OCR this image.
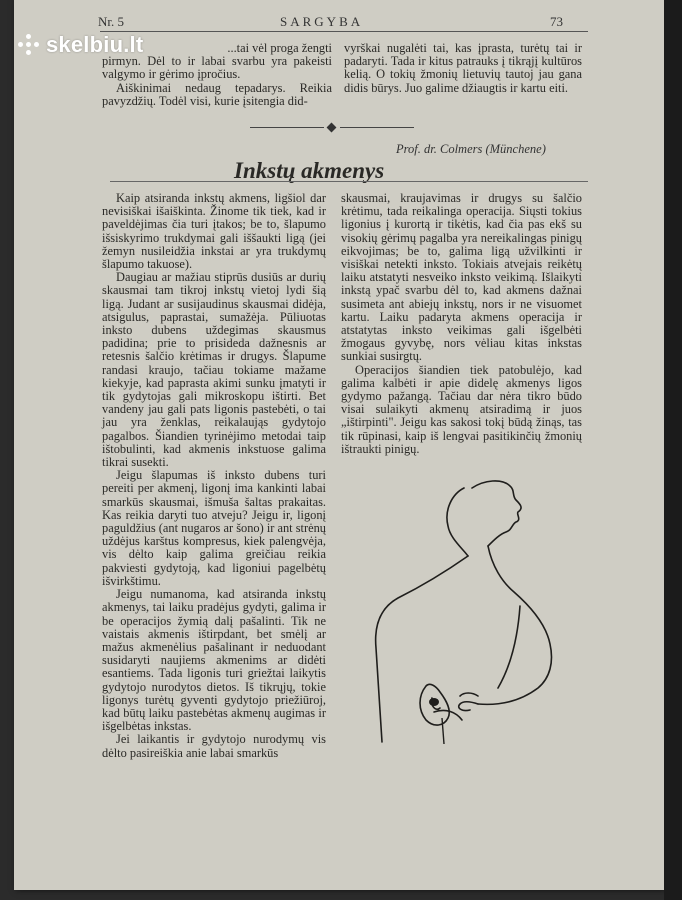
Nr. 5	SARGYBA	73

...tai vėl proga žengti

pirmyn. Dėl to ir labai svarbu yra pakeisti valgymo ir gėrimo įpročius.

Aiškinimai nedaug tepadarys. Reikia pavyzdžių. Todėl visi, kurie įsitengia did-

vyrškai nugalėti tai, kas įprasta, turėtų tai ir padaryti. Tada ir kitus patrauks į tikrąjį kultūros kelią. O tokių žmonių lietuvių tautoj jau gana didis būrys. Juo galime džiaugtis ir kartu eiti.

Prof. dr. Colmers (Münchene)
Inkstų akmenys

Kaip atsiranda inkstų akmens, ligšiol dar nevisiškai išaiškinta. Žinome tik tiek, kad ir paveldėjimas čia turi įtakos; be to, šlapumo išsiskyrimo trukdymai gali iššaukti ligą (jei žemyn nusileidžia inkstai ar yra trukdymų šlapumo takuose).

Daugiau ar mažiau stiprūs dusiūs ar durių skausmai tam tikroj inkstų vietoj lydi šią ligą. Judant ar susijaudinus skausmai didėja, atsigulus, paprastai, sumažėja. Pūliuotas inksto dubens uždegimas skausmus padidina; prie to prisideda dažnesnis ar retesnis šalčio krėtimas ir drugys. Šlapume randasi kraujo, tačiau tokiame mažame kiekyje, kad paprasta akimi sunku įmatyti ir tik gydytojas gali mikroskopu ištirti. Bet vandeny jau gali pats ligonis pastebėti, o tai jau yra ženklas, reikalaująs gydytojo pagalbos. Šiandien tyrinėjimo metodai taip ištobulinti, kad akmenis inkstuose galima tikrai susekti.

Jeigu šlapumas iš inksto dubens turi pereiti per akmenį, ligonį ima kankinti labai smarkūs skausmai, išmuša šaltas prakaitas. Kas reikia daryti tuo atveju? Jeigu ir, ligonį paguldžius (ant nugaros ar šono) ir ant strėnų uždėjus karštus kompresus, kiek palengvėja, vis dėlto kaip galima greičiau reikia pakviesti gydytoją, kad ligoniui pagelbėtų išvirkštimu.

Jeigu numanoma, kad atsiranda inkstų akmenys, tai laiku pradėjus gydyti, galima ir be operacijos žymią dalį pašalinti. Tik ne vaistais akmenis ištirpdant, bet smėlį ar mažus akmenėlius pašalinant ir neduodant susidaryti naujiems akmenims ar didėti esantiems. Tada ligonis turi griežtai laikytis gydytojo nurodytos dietos. Iš tikrųjų, tokie ligonys turėtų gyventi gydytojo priežiūroj, kad būtų laiku pastebėtas akmenų augimas ir išgelbėtas inkstas.

Jei laikantis ir gydytojo nurodymų vis dėlto pasireiškia anie labai smarkūs

skausmai, kraujavimas ir drugys su šalčio krėtimu, tada reikalinga operacija. Siųsti tokius ligonius į kurortą ir tikėtis, kad čia pas ekš su visokių gėrimų pagalba yra nereikalingas pinigų eikvojimas; be to, galima ligą užvilkinti ir visiškai netekti inksto. Tokiais atvejais reikėtų laiku atstatyti nesveiko inksto veikimą. Išlaikyti inkstą ypač svarbu dėl to, kad akmens dažnai susimeta ant abiejų inkstų, nors ir ne visuomet kartu. Laiku padaryta akmens operacija ir atstatytas inksto veikimas gali išgelbėti žmogaus gyvybę, nors vėliau kitas inkstas sunkiai susirgtų.

Operacijos šiandien tiek patobulėjo, kad galima kalbėti ir apie didelę akmenys ligos gydymo pažangą. Tačiau dar nėra tikro būdo visai sulaikyti akmenų atsiradimą ir juos „ištirpinti". Jeigu kas sakosi tokį būdą žinąs, tas tik rūpinasi, kaip iš lengvai pasitikinčių žmonių ištraukti pinigų.

skelbiu.lt
